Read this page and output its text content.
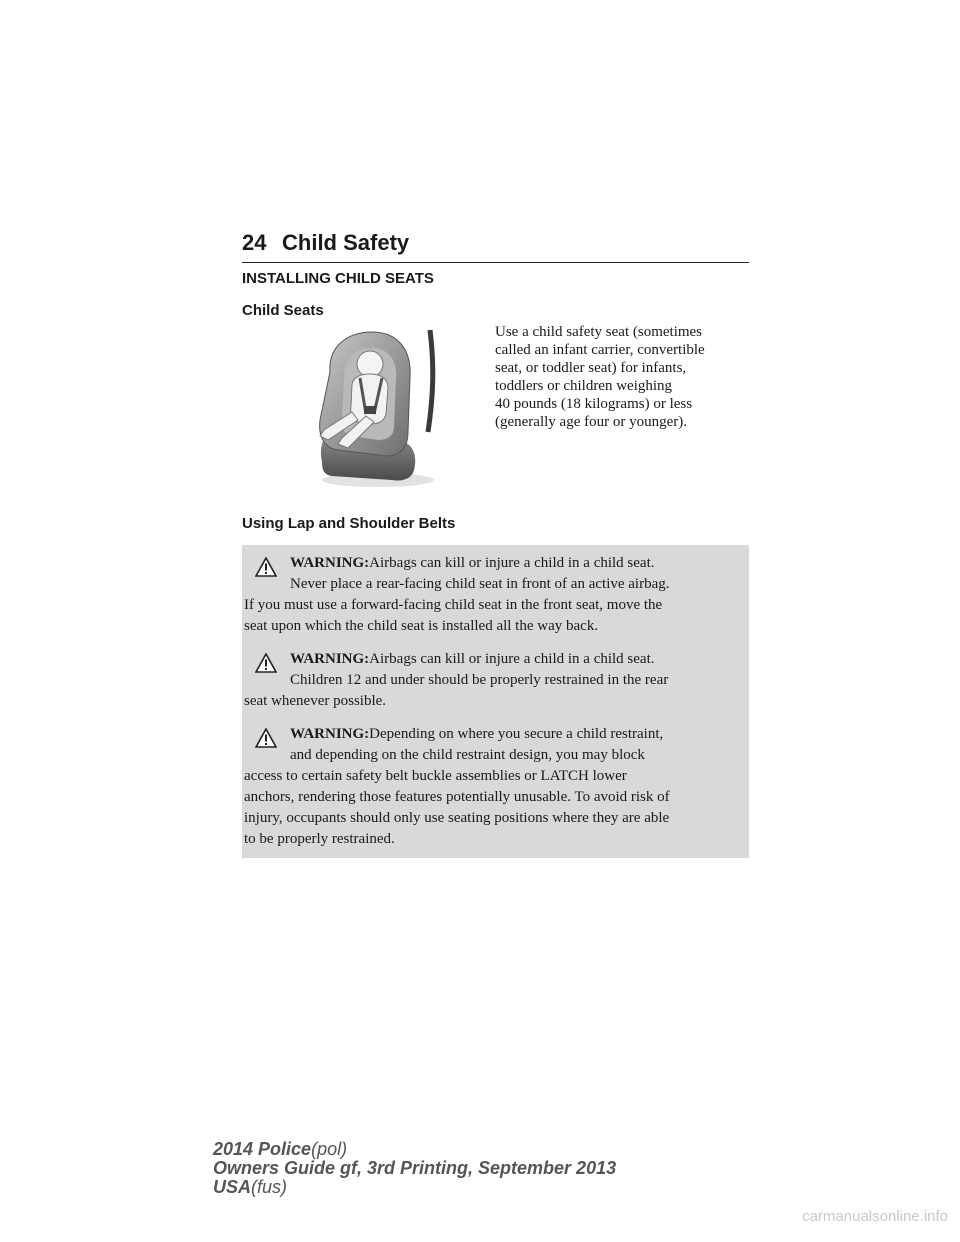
24 Child Safety
INSTALLING CHILD SEATS
Child Seats
Use a child safety seat (sometimes
called an infant carrier, convertible
seat, or toddler seat) for infants,
toddlers or children weighing
40 pounds (18 kilograms) or less
(generally age four or younger).
Using Lap and Shoulder Belts
WARNING:Airbags can kill or injure a child in a child seat.
Never place a rear-facing child seat in front of an active airbag.
If you must use a forward-facing child seat in the front seat, move the
seat upon which the child seat is installed all the way back.
WARNING:Airbags can kill or injure a child in a child seat.
Children 12 and under should be properly restrained in the rear
seat whenever possible.
WARNING:Depending on where you secure a child restraint,
and depending on the child restraint design, you may block
access to certain safety belt buckle assemblies or LATCH lower
anchors, rendering those features potentially unusable. To avoid risk of
injury, occupants should only use seating positions where they are able
to be properly restrained.
2014 Police(pol)
Owners Guide gf, 3rd Printing, September 2013
USA(fus)
carmanualsonline.info
